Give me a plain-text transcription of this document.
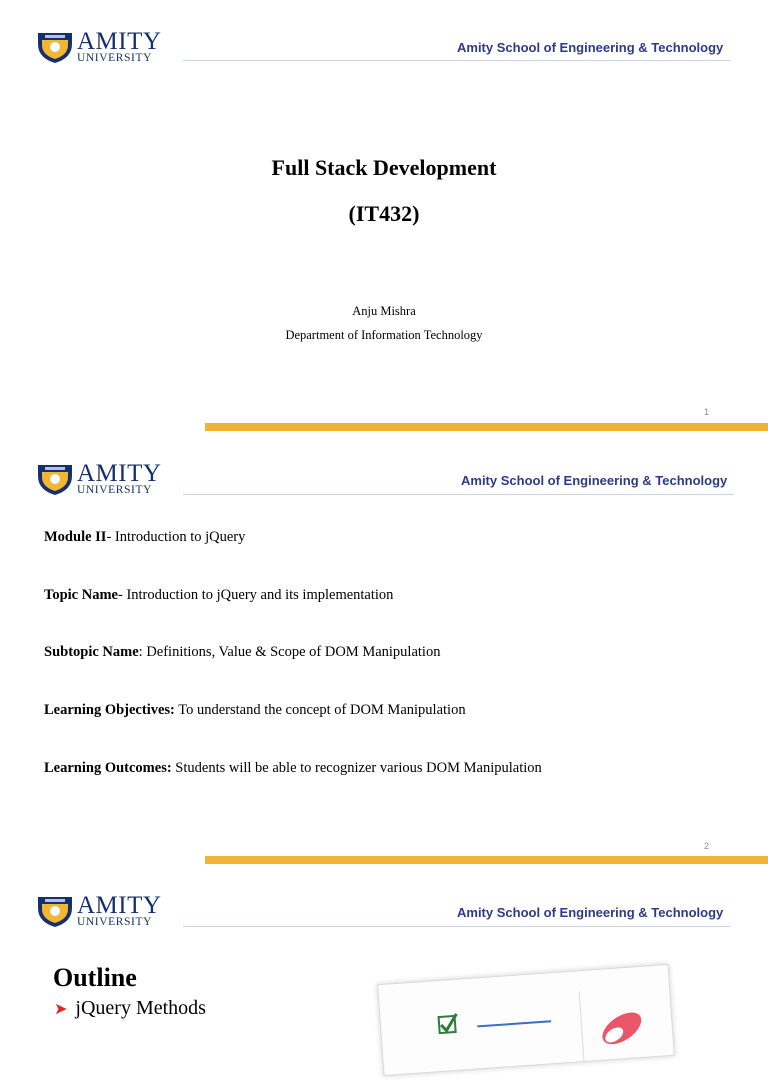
AMITY
UNIVERSITY
Amity School of Engineering & Technology
Full Stack Development
(IT432)
Anju Mishra
Department of Information Technology
1
AMITY
UNIVERSITY
Amity School of Engineering & Technology
Module II- Introduction to jQuery
Topic Name- Introduction to jQuery and its implementation
Subtopic Name: Definitions, Value & Scope of DOM Manipulation
Learning Objectives: To understand the concept of DOM Manipulation
Learning Outcomes: Students will be able to recognizer various DOM Manipulation
2
AMITY
UNIVERSITY
Amity School of Engineering & Technology
Outline
➤ jQuery Methods
